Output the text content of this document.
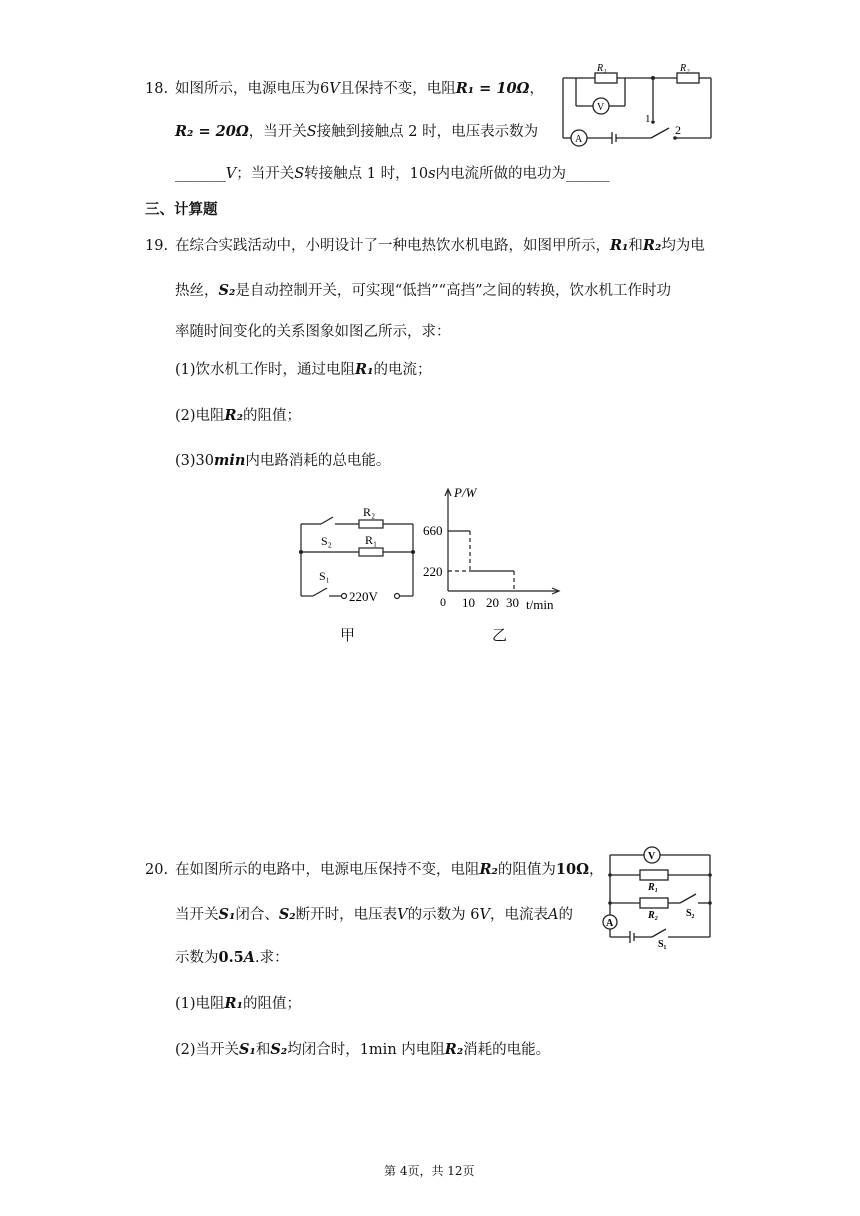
18. 如图所示，电源电压为6V且保持不变，电阻R₁ = 10Ω，
R₂ = 20Ω，当开关S接触到接触点 2 时，电压表示数为
_______V；当开关S转接触点 1 时，10s内电流所做的电功为______
R₁	R₂
V
A
1
2
三、计算题
19. 在综合实践活动中，小明设计了一种电热饮水机电路，如图甲所示，R₁和R₂均为电
热丝，S₂是自动控制开关，可实现“低挡”“高挡”之间的转换，饮水机工作时功
率随时间变化的关系图象如图乙所示，求：
(1)饮水机工作时，通过电阻R₁的电流；
(2)电阻R₂的阻值；
(3)30min内电路消耗的总电能。
R₂
S₂	R₁
S₁
220V
P/W
660
220
0 10 20 30 t/min
甲	乙
20. 在如图所示的电路中，电源电压保持不变，电阻R₂的阻值为10Ω，
当开关S₁闭合、S₂断开时，电压表V的示数为 6V，电流表A的
示数为0.5A.求：
(1)电阻R₁的阻值；
(2)当开关S₁和S₂均闭合时，1min 内电阻R₂消耗的电能。
V
R₁
R₂	S₂
A
S₁
第 4页，共 12页
